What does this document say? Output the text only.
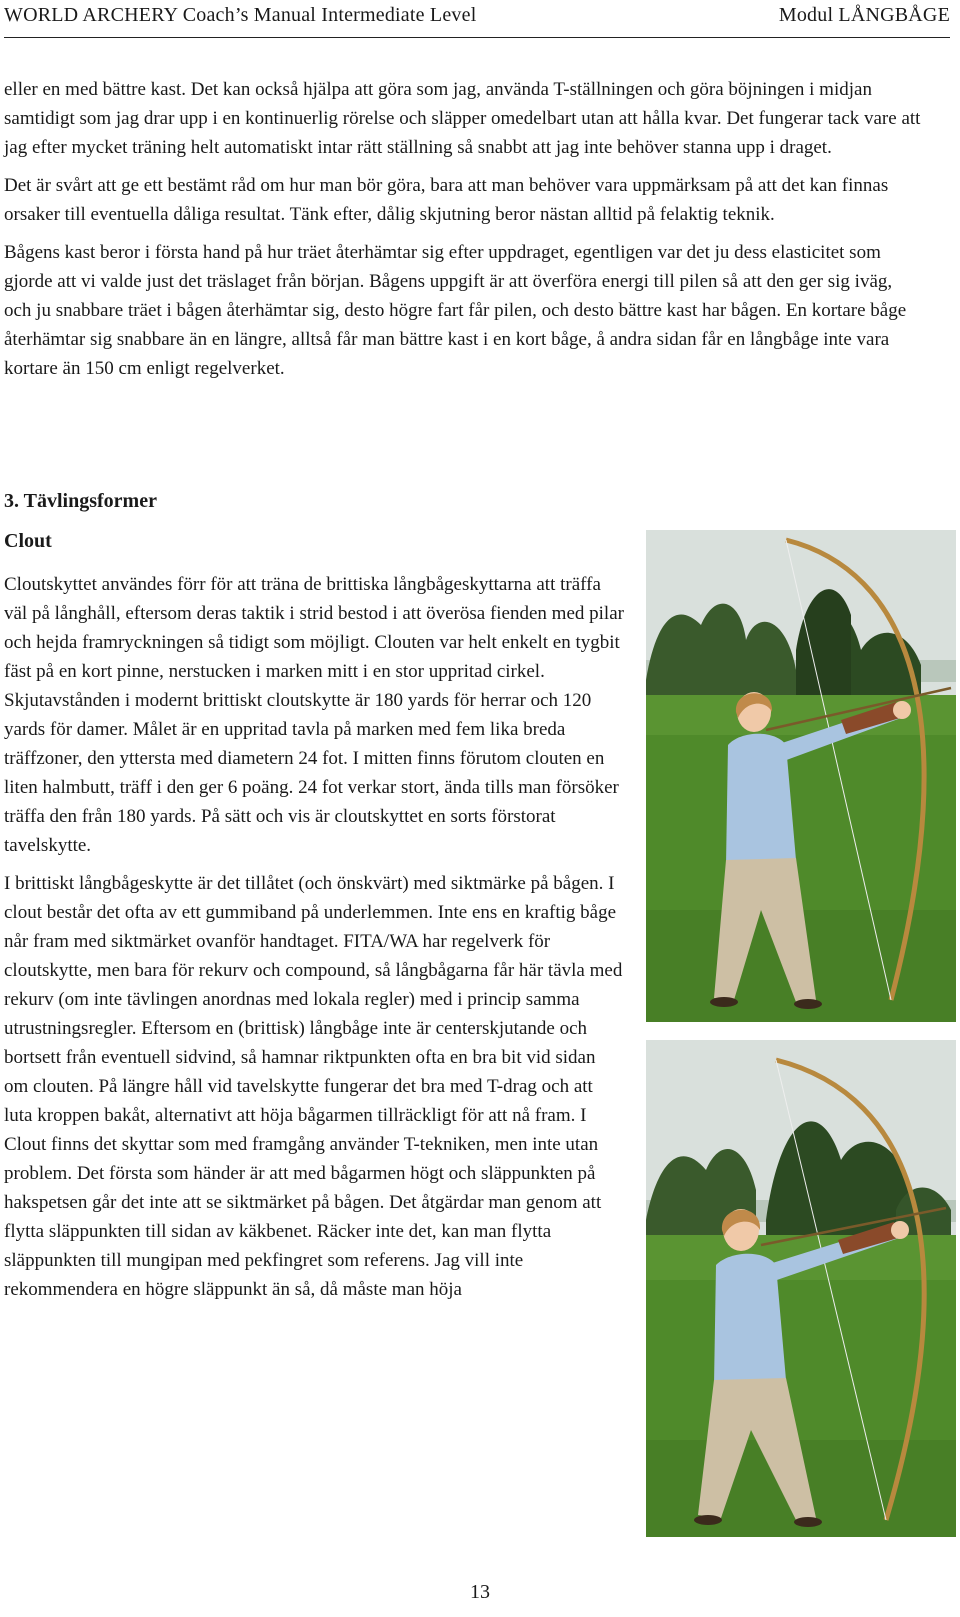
WORLD ARCHERY Coach’s Manual Intermediate Level	Modul LÅNGBÅGE

eller en med bättre kast. Det kan också hjälpa att göra som jag, använda T-ställningen och göra böjningen i midjan samtidigt som jag drar upp i en kontinuerlig rörelse och släpper omedelbart utan att hålla kvar. Det fungerar tack vare att jag efter mycket träning helt automatiskt intar rätt ställning så snabbt att jag inte behöver stanna upp i draget.

Det är svårt att ge ett bestämt råd om hur man bör göra, bara att man behöver vara uppmärksam på att det kan finnas orsaker till eventuella dåliga resultat. Tänk efter, dålig skjutning beror nästan alltid på felaktig teknik.

Bågens kast beror i första hand på hur träet återhämtar sig efter uppdraget, egentligen var det ju dess elasticitet som gjorde att vi valde just det träslaget från början. Bågens uppgift är att överföra energi till pilen så att den ger sig iväg, och ju snabbare träet i bågen återhämtar sig, desto högre fart får pilen, och desto bättre kast har bågen. En kortare båge återhämtar sig snabbare än en längre, alltså får man bättre kast i en kort båge, å andra sidan får en långbåge inte vara kortare än 150 cm enligt regelverket.

3. Tävlingsformer
Clout

Cloutskyttet användes förr för att träna de brittiska långbågeskyttarna att träffa väl på långhåll, eftersom deras taktik i strid bestod i att överösa fienden med pilar och hejda framryckningen så tidigt som möjligt. Clouten var helt enkelt en tygbit fäst på en kort pinne, nerstucken i marken mitt i en stor uppritad cirkel. Skjutavstånden i modernt brittiskt cloutskytte är 180 yards för herrar och 120 yards för damer. Målet är en uppritad tavla på marken med fem lika breda träffzoner, den yttersta med diametern 24 fot. I mitten finns förutom clouten en liten halmbutt, träff i den ger 6 poäng. 24 fot verkar stort, ända tills man försöker träffa den från 180 yards. På sätt och vis är cloutskyttet en sorts förstorat tavelskytte.

I brittiskt långbågeskytte är det tillåtet (och önskvärt) med siktmärke på bågen. I clout består det ofta av ett gummiband på underlemmen. Inte ens en kraftig båge når fram med siktmärket ovanför handtaget. FITA/WA har regelverk för cloutskytte, men bara för rekurv och compound, så långbågarna får här tävla med rekurv (om inte tävlingen anordnas med lokala regler) med i princip samma utrustningsregler. Eftersom en (brittisk) långbåge inte är centerskjutande och bortsett från eventuell sidvind, så hamnar riktpunkten ofta en bra bit vid sidan om clouten. På längre håll vid tavelskytte fungerar det bra med T-drag och att luta kroppen bakåt, alternativt att höja bågarmen tillräckligt för att nå fram. I Clout finns det skyttar som med framgång använder T-tekniken, men inte utan problem. Det första som händer är att med bågarmen högt och släppunkten på hakspetsen går det inte att se siktmärket på bågen. Det åtgärdar man genom att flytta släppunkten till sidan av käkbenet. Räcker inte det, kan man flytta släppunkten till mungipan med pekfingret som referens. Jag vill inte rekommendera en högre släppunkt än så, då måste man höja

13
